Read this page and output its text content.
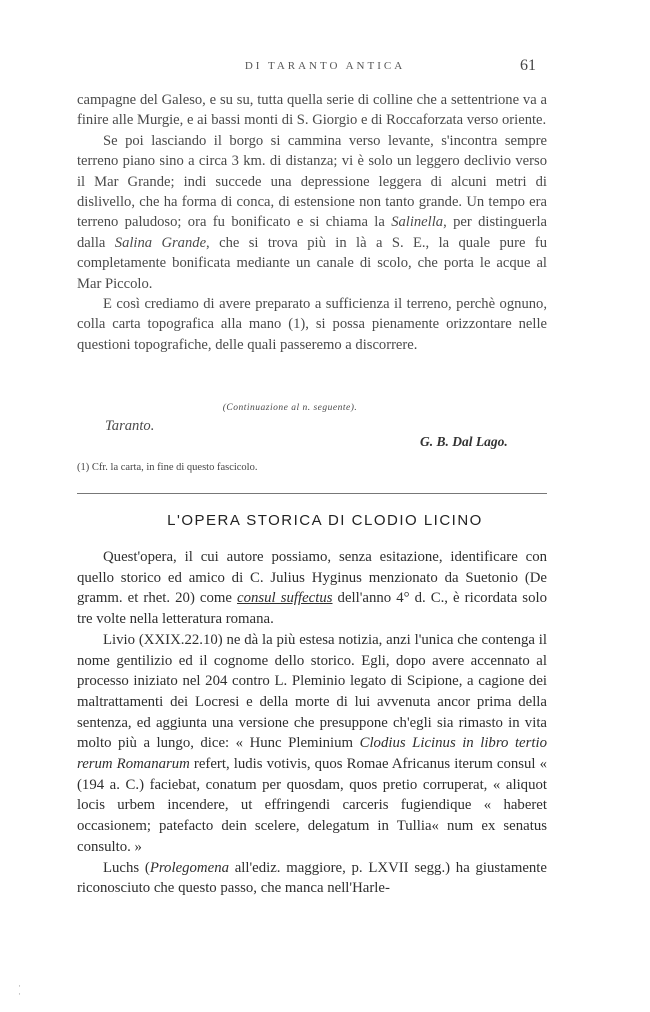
DI TARANTO ANTICA	61

campagne del Galeso, e su su, tutta quella serie di colline che a settentrione va a finire alle Murgie, e ai bassi monti di S. Giorgio e di Roccaforzata verso oriente.

Se poi lasciando il borgo si cammina verso levante, s'incontra sempre terreno piano sino a circa 3 km. di distanza; vi è solo un leggero declivio verso il Mar Grande; indi succede una depressione leggera di alcuni metri di dislivello, che ha forma di conca, di estensione non tanto grande. Un tempo era terreno paludoso; ora fu bonificato e si chiama la Salinella, per distinguerla dalla Salina Grande, che si trova più in là a S. E., la quale pure fu completamente bonificata mediante un canale di scolo, che porta le acque al Mar Piccolo.

E così crediamo di avere preparato a sufficienza il terreno, perchè ognuno, colla carta topografica alla mano (1), si possa pienamente orizzontare nelle questioni topografiche, delle quali passeremo a discorrere.

(Continuazione al n. seguente).
Taranto.
G. B. Dal Lago.
(1) Cfr. la carta, in fine di questo fascicolo.
L'OPERA STORICA DI CLODIO LICINO

Quest'opera, il cui autore possiamo, senza esitazione, identificare con quello storico ed amico di C. Julius Hyginus menzionato da Suetonio (De gramm. et rhet. 20) come consul suffectus dell'anno 4° d. C., è ricordata solo tre volte nella letteratura romana.

Livio (XXIX.22.10) ne dà la più estesa notizia, anzi l'unica che contenga il nome gentilizio ed il cognome dello storico. Egli, dopo avere accennato al processo iniziato nel 204 contro L. Pleminio legato di Scipione, a cagione dei maltrattamenti dei Locresi e della morte di lui avvenuta ancor prima della sentenza, ed aggiunta una versione che presuppone ch'egli sia rimasto in vita molto più a lungo, dice: « Hunc Pleminium Clodius Licinus in libro tertio rerum Romanarum refert, ludis votivis, quos Romae Africanus iterum consul « (194 a. C.) faciebat, conatum per quosdam, quos pretio corruperat, « aliquot locis urbem incendere, ut effringendi carceris fugiendique « haberet occasionem; patefacto dein scelere, delegatum in Tullia« num ex senatus consulto. »

Luchs (Prolegomena all'ediz. maggiore, p. LXVII segg.) ha giustamente riconosciuto che questo passo, che manca nell'Harle-

·
·
